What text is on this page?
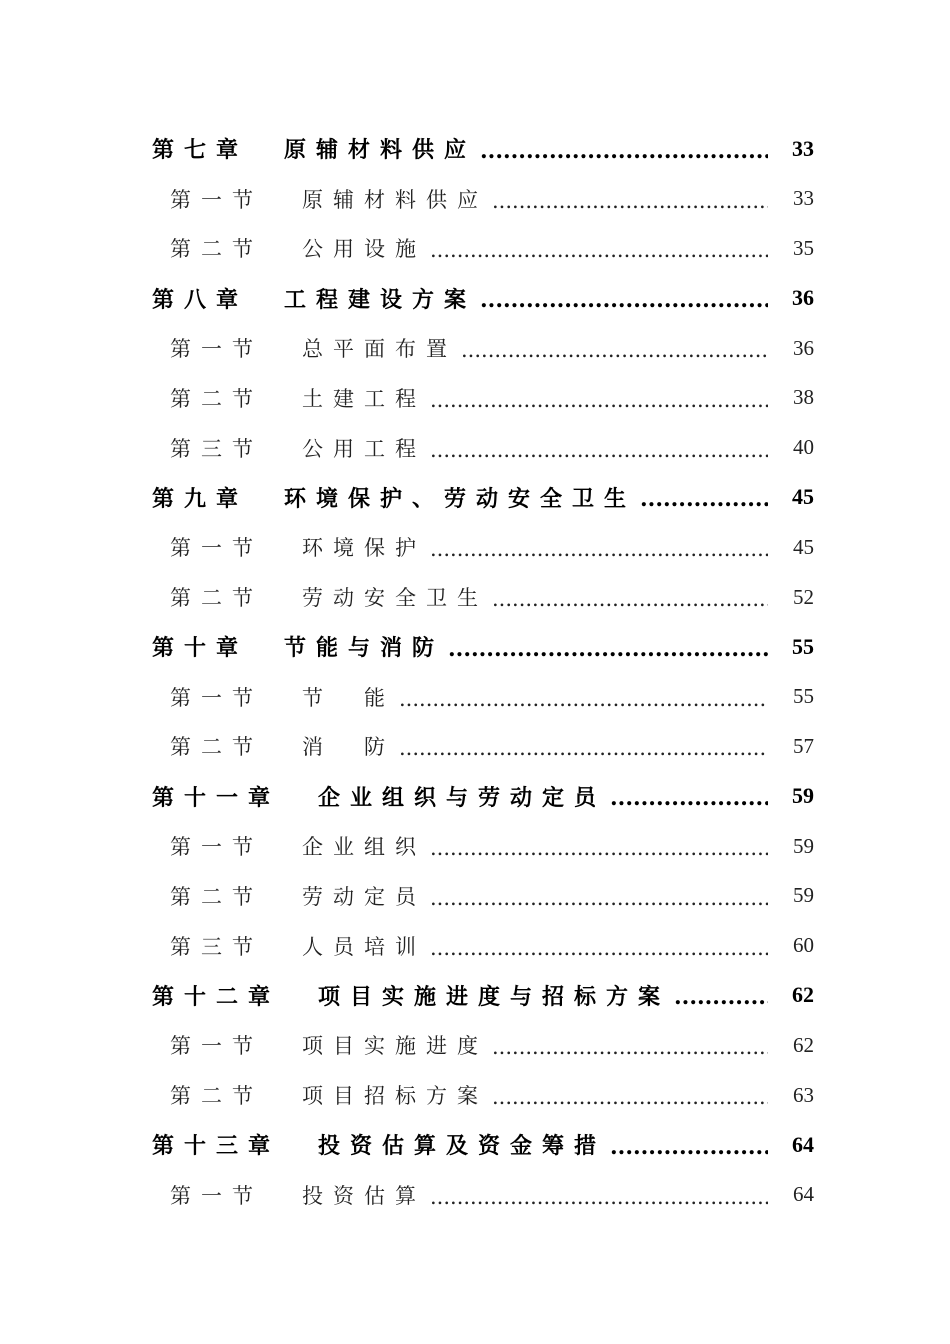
第七章	原辅材料供应 .....	33
第一节	原辅材料供应 .....	33
第二节	公用设施 .....	35
第八章	工程建设方案 .....	36
第一节	总平面布置 .....	36
第二节	土建工程 .....	38
第三节	公用工程 .....	40
第九章	环境保护、劳动安全卫生 .....	45
第一节	环境保护 .....	45
第二节	劳动安全卫生 .....	52
第十章	节能与消防 .....	55
第一节	节　能 .....	55
第二节	消　防 .....	57
第十一章	企业组织与劳动定员 .....	59
第一节	企业组织 .....	59
第二节	劳动定员 .....	59
第三节	人员培训 .....	60
第十二章	项目实施进度与招标方案 .....	62
第一节	项目实施进度 .....	62
第二节	项目招标方案 .....	63
第十三章	投资估算及资金筹措 .....	64
第一节	投资估算 .....	64
